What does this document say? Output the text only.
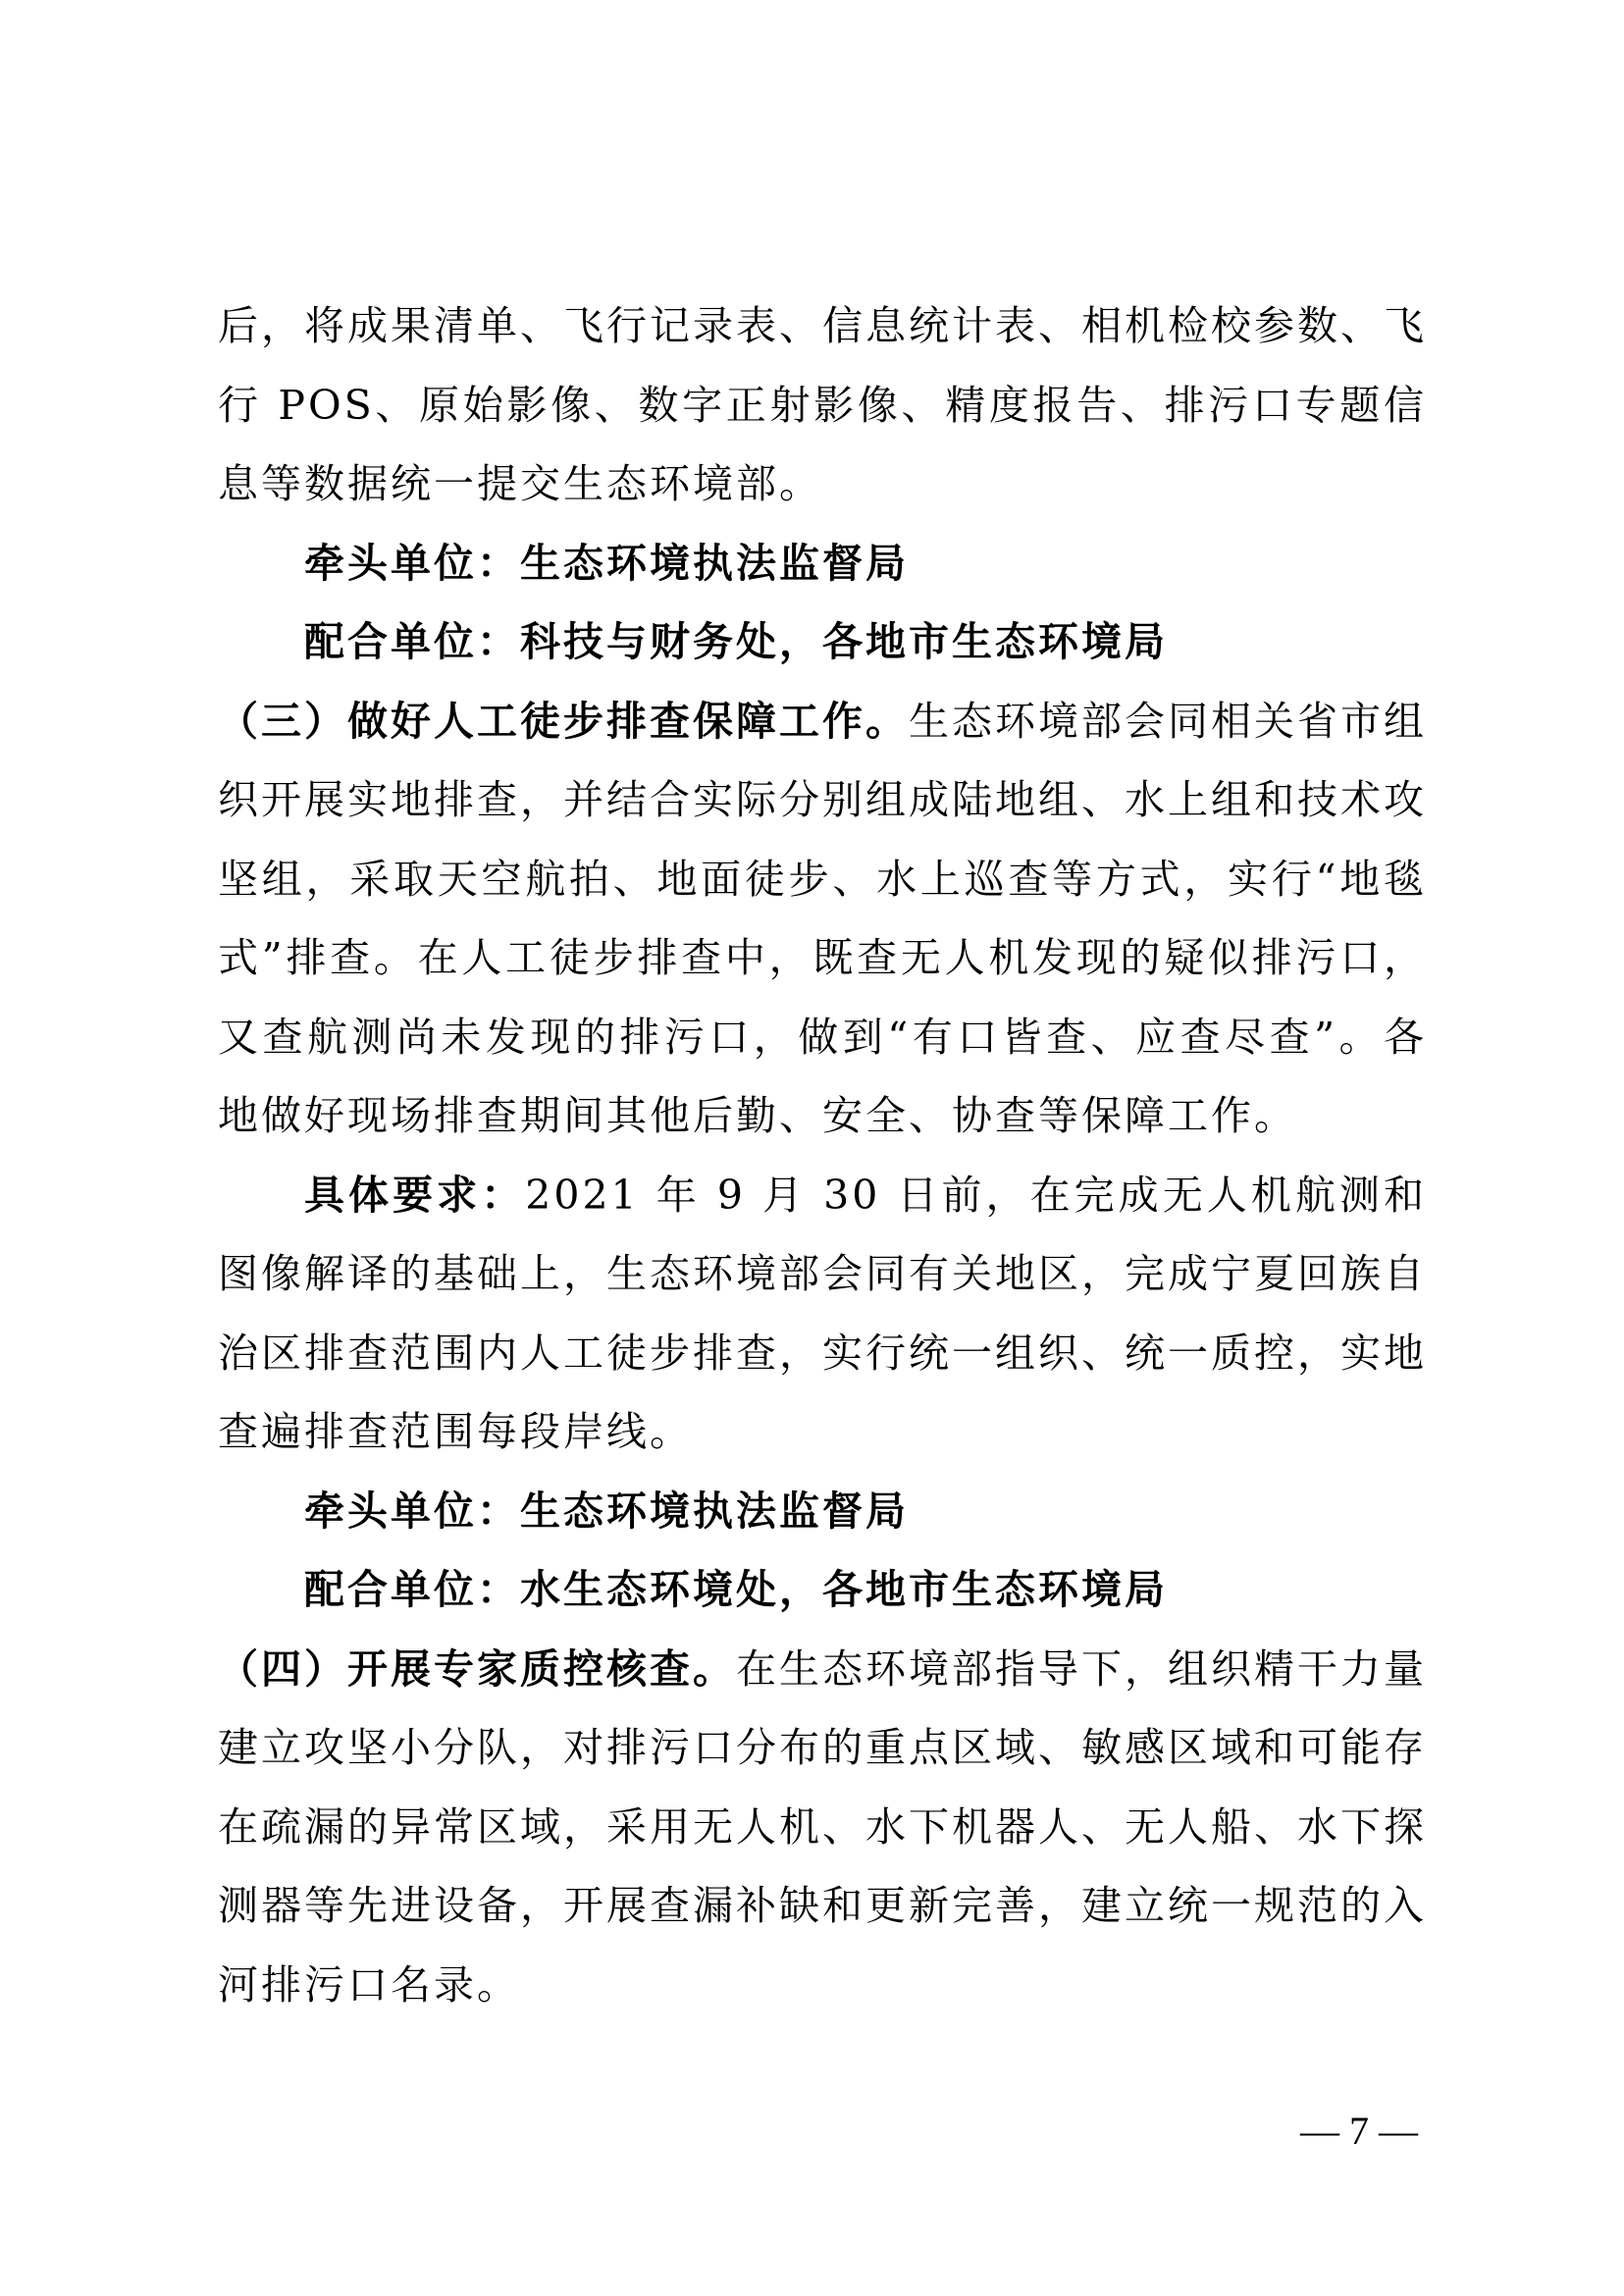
后，将成果清单、飞行记录表、信息统计表、相机检校参数、飞行 POS、原始影像、数字正射影像、精度报告、排污口专题信息等数据统一提交生态环境部。

牵头单位：生态环境执法监督局

配合单位：科技与财务处，各地市生态环境局

（三）做好人工徒步排查保障工作。生态环境部会同相关省市组织开展实地排查，并结合实际分别组成陆地组、水上组和技术攻坚组，采取天空航拍、地面徒步、水上巡查等方式，实行“地毯式”排查。在人工徒步排查中，既查无人机发现的疑似排污口，又查航测尚未发现的排污口，做到“有口皆查、应查尽查”。各地做好现场排查期间其他后勤、安全、协查等保障工作。

具体要求：2021 年 9 月 30 日前，在完成无人机航测和图像解译的基础上，生态环境部会同有关地区，完成宁夏回族自治区排查范围内人工徒步排查，实行统一组织、统一质控，实地查遍排查范围每段岸线。

牵头单位：生态环境执法监督局

配合单位：水生态环境处，各地市生态环境局

（四）开展专家质控核查。在生态环境部指导下，组织精干力量建立攻坚小分队，对排污口分布的重点区域、敏感区域和可能存在疏漏的异常区域，采用无人机、水下机器人、无人船、水下探测器等先进设备，开展查漏补缺和更新完善，建立统一规范的入河排污口名录。

— 7 —
